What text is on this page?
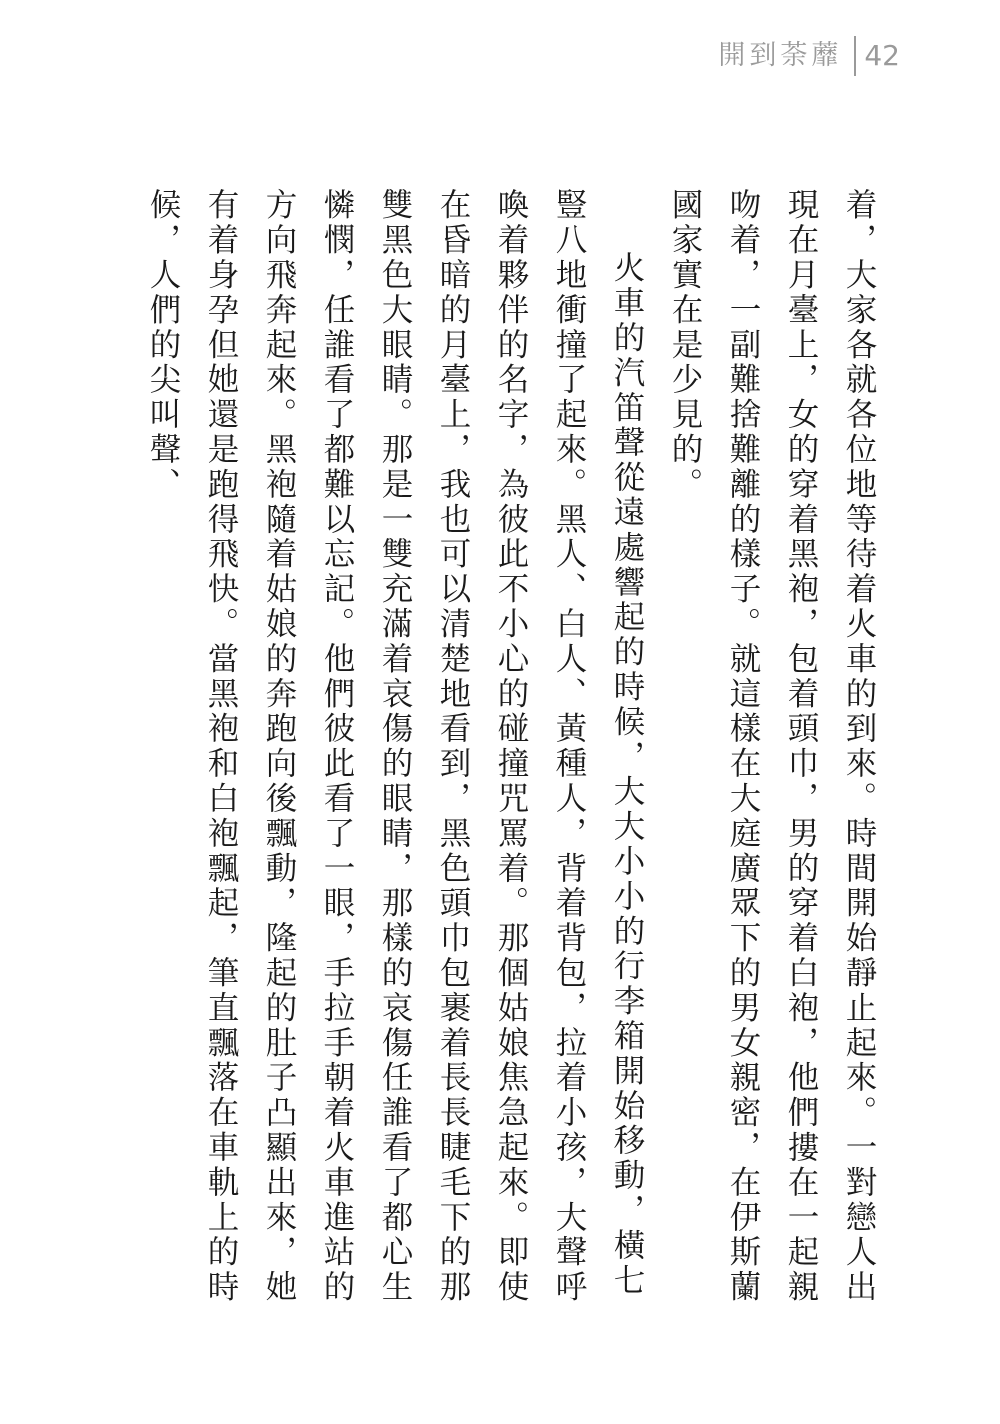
開到荼蘼 42

着，大家各就各位地等待着火車的到來。時間開始靜止起來。一對戀人出現在月臺上，女的穿着黑袍，包着頭巾，男的穿着白袍，他們摟在一起親吻着，一副難捨難離的樣子。就這樣在大庭廣眾下的男女親密，在伊斯蘭國家實在是少見的。

火車的汽笛聲從遠處響起的時候，大大小小的行李箱開始移動，橫七豎八地衝撞了起來。黑人、白人、黃種人，背着背包，拉着小孩，大聲呼喚着夥伴的名字，為彼此不小心的碰撞咒罵着。那個姑娘焦急起來。即使在昏暗的月臺上，我也可以清楚地看到，黑色頭巾包裹着長長睫毛下的那雙黑色大眼睛。那是一雙充滿着哀傷的眼睛，那樣的哀傷任誰看了都心生憐憫，任誰看了都難以忘記。他們彼此看了一眼，手拉手朝着火車進站的方向飛奔起來。黑袍隨着姑娘的奔跑向後飄動，隆起的肚子凸顯出來，她有着身孕但她還是跑得飛快。當黑袍和白袍飄起，筆直飄落在車軌上的時候，人們的尖叫聲、
